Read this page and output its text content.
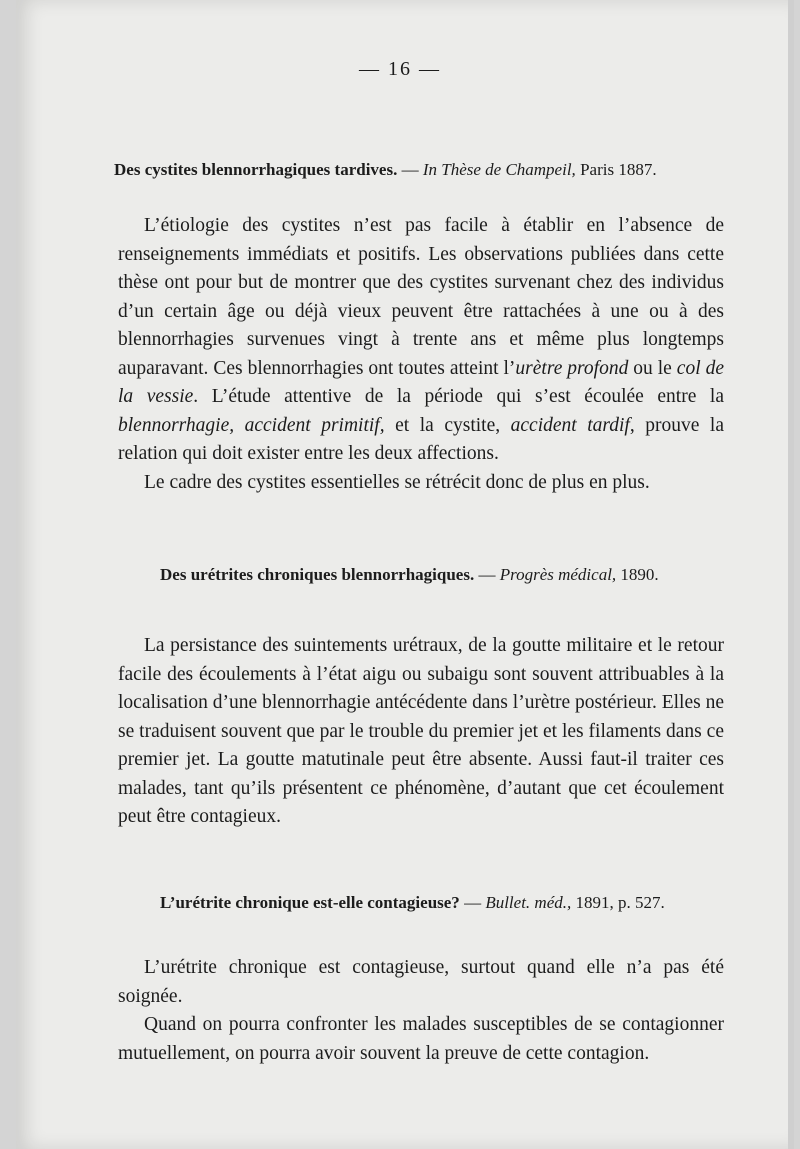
— 16 —
Des cystites blennorrhagiques tardives. — In Thèse de Champeil, Paris 1887.

L’étiologie des cystites n’est pas facile à établir en l’absence de renseignements immédiats et positifs. Les observations publiées dans cette thèse ont pour but de montrer que des cystites survenant chez des individus d’un certain âge ou déjà vieux peuvent être rattachées à une ou à des blennorrhagies survenues vingt à trente ans et même plus longtemps auparavant. Ces blennorrhagies ont toutes atteint l’urètre profond ou le col de la vessie. L’étude attentive de la période qui s’est écoulée entre la blennorrhagie, accident primitif, et la cystite, accident tardif, prouve la relation qui doit exister entre les deux affections.

Le cadre des cystites essentielles se rétrécit donc de plus en plus.

Des urétrites chroniques blennorrhagiques. — Progrès médical, 1890.

La persistance des suintements urétraux, de la goutte militaire et le retour facile des écoulements à l’état aigu ou subaigu sont souvent attribuables à la localisation d’une blennorrhagie antécédente dans l’urètre postérieur. Elles ne se traduisent souvent que par le trouble du premier jet et les filaments dans ce premier jet. La goutte matutinale peut être absente. Aussi faut-il traiter ces malades, tant qu’ils présentent ce phénomène, d’autant que cet écoulement peut être contagieux.

L’urétrite chronique est-elle contagieuse? — Bullet. méd., 1891, p. 527.

L’urétrite chronique est contagieuse, surtout quand elle n’a pas été soignée.

Quand on pourra confronter les malades susceptibles de se contagionner mutuellement, on pourra avoir souvent la preuve de cette contagion.
